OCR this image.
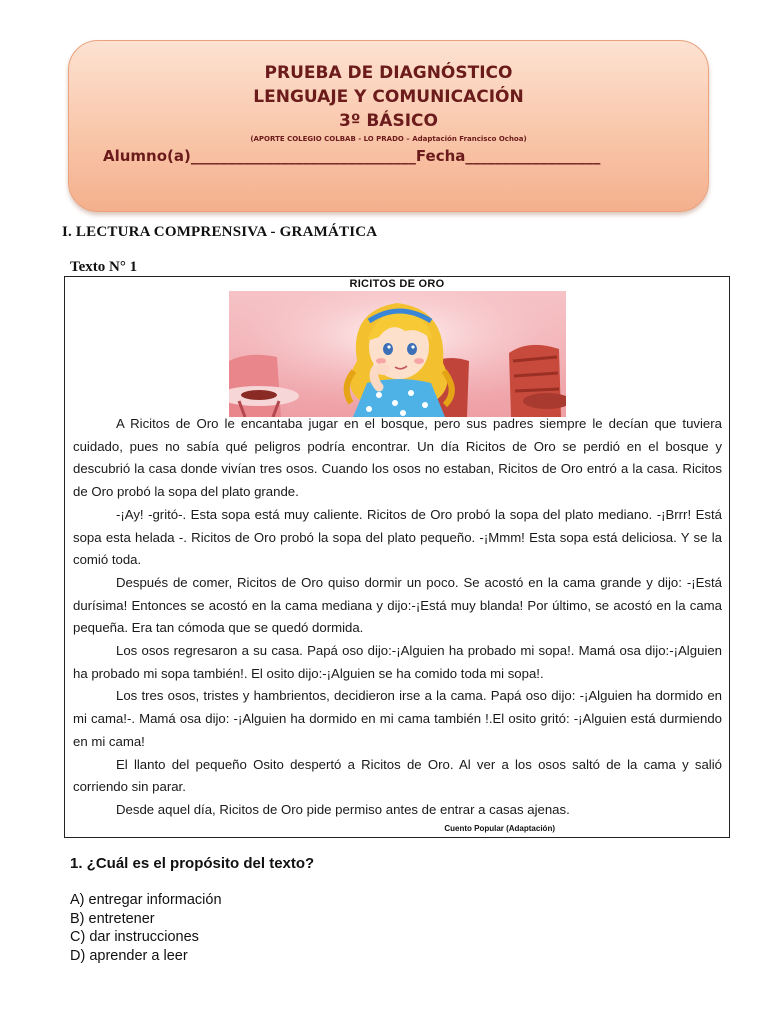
PRUEBA DE DIAGNÓSTICO
LENGUAJE Y COMUNICACIÓN
3º BÁSICO
(APORTE COLEGIO COLBAB - LO PRADO – Adaptación Francisco Ochoa)
Alumno(a)______________________________Fecha__________________
I. LECTURA COMPRENSIVA - GRAMÁTICA
Texto N° 1
RICITOS DE ORO

A Ricitos de Oro le encantaba jugar en el bosque, pero sus padres siempre le decían que tuviera cuidado, pues no sabía qué peligros podría encontrar. Un día Ricitos de Oro se perdió en el bosque y descubrió la casa donde vivían tres osos. Cuando los osos no estaban, Ricitos de Oro entró a la casa. Ricitos de Oro probó la sopa del plato grande.

-¡Ay! -gritó-. Esta sopa está muy caliente. Ricitos de Oro probó la sopa del plato mediano. -¡Brrr! Está sopa esta helada -. Ricitos de Oro probó la sopa del plato pequeño. -¡Mmm! Esta sopa está deliciosa. Y se la comió toda.

Después de comer, Ricitos de Oro quiso dormir un poco. Se acostó en la cama grande y dijo: -¡Está durísima! Entonces se acostó en la cama mediana y dijo:-¡Está muy blanda! Por último, se acostó en la cama pequeña. Era tan cómoda que se quedó dormida.

Los osos regresaron a su casa. Papá oso dijo:-¡Alguien ha probado mi sopa!. Mamá osa dijo:-¡Alguien ha probado mi sopa también!. El osito dijo:-¡Alguien se ha comido toda mi sopa!.

Los tres osos, tristes y hambrientos, decidieron irse a la cama. Papá oso dijo: -¡Alguien ha dormido en mi cama!-. Mamá osa dijo: -¡Alguien ha dormido en mi cama también !.El osito gritó: -¡Alguien está durmiendo en mi cama!

El llanto del pequeño Osito despertó a Ricitos de Oro. Al ver a los osos saltó de la cama y salió corriendo sin parar.

Desde aquel día, Ricitos de Oro pide permiso antes de entrar a casas ajenas.

Cuento Popular (Adaptación)
1. ¿Cuál es el propósito del texto?
A) entregar información
B) entretener
C) dar instrucciones
D) aprender a leer
